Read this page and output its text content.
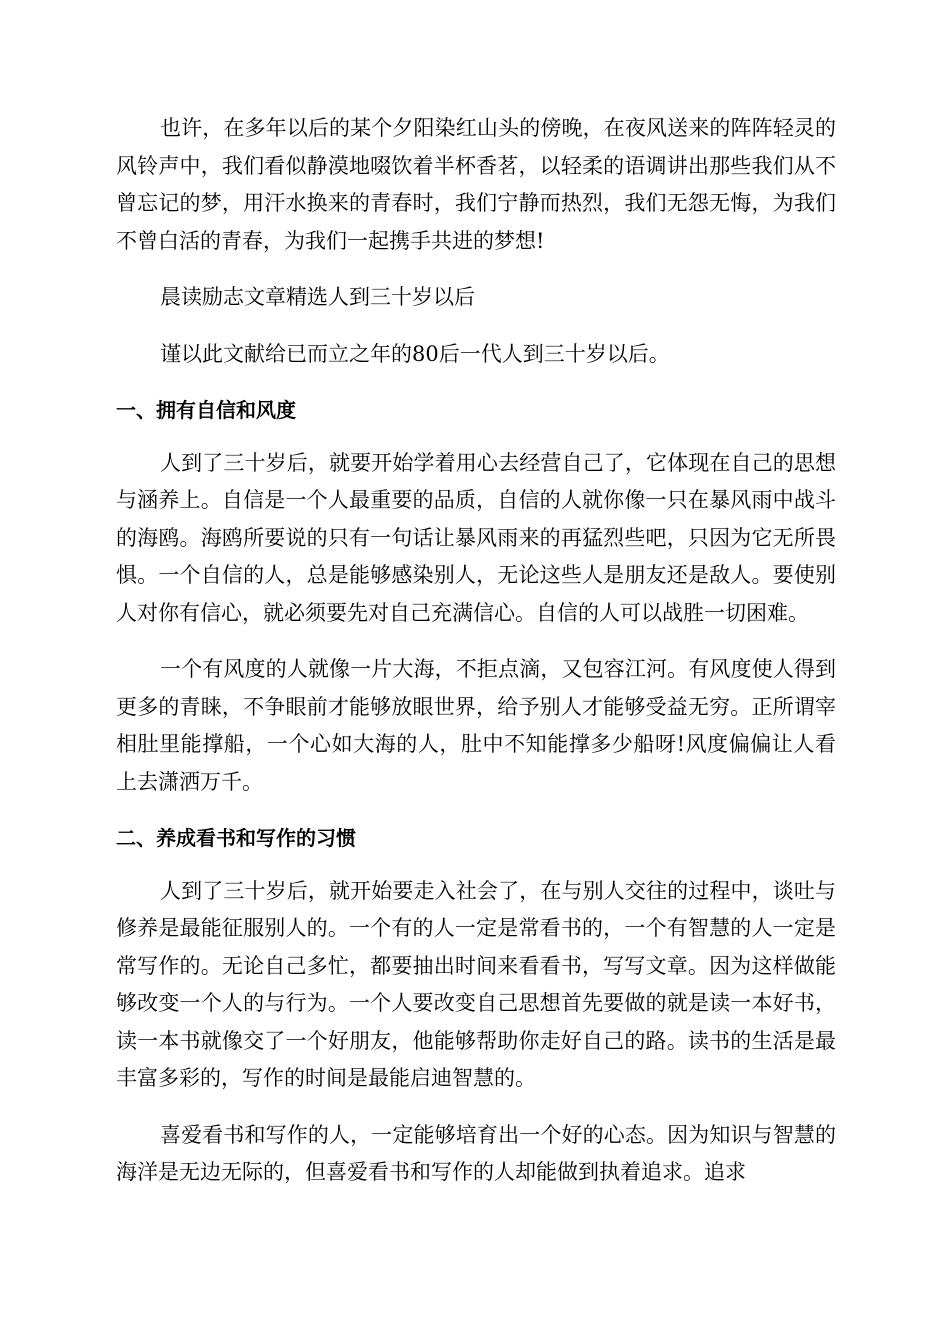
也许，在多年以后的某个夕阳染红山头的傍晚，在夜风送来的阵阵轻灵的风铃声中，我们看似静漠地啜饮着半杯香茗，以轻柔的语调讲出那些我们从不曾忘记的梦，用汗水换来的青春时，我们宁静而热烈，我们无怨无悔，为我们不曾白活的青春，为我们一起携手共进的梦想!

晨读励志文章精选人到三十岁以后

谨以此文献给已而立之年的80后一代人到三十岁以后。

一、拥有自信和风度

人到了三十岁后，就要开始学着用心去经营自己了，它体现在自己的思想与涵养上。自信是一个人最重要的品质，自信的人就你像一只在暴风雨中战斗的海鸥。海鸥所要说的只有一句话让暴风雨来的再猛烈些吧，只因为它无所畏惧。一个自信的人，总是能够感染别人，无论这些人是朋友还是敌人。要使别人对你有信心，就必须要先对自己充满信心。自信的人可以战胜一切困难。

一个有风度的人就像一片大海，不拒点滴，又包容江河。有风度使人得到更多的青睐，不争眼前才能够放眼世界，给予别人才能够受益无穷。正所谓宰相肚里能撑船，一个心如大海的人，肚中不知能撑多少船呀!风度偏偏让人看上去潇洒万千。

二、养成看书和写作的习惯

人到了三十岁后，就开始要走入社会了，在与别人交往的过程中，谈吐与修养是最能征服别人的。一个有的人一定是常看书的，一个有智慧的人一定是常写作的。无论自己多忙，都要抽出时间来看看书，写写文章。因为这样做能够改变一个人的与行为。一个人要改变自己思想首先要做的就是读一本好书，读一本书就像交了一个好朋友，他能够帮助你走好自己的路。读书的生活是最丰富多彩的，写作的时间是最能启迪智慧的。

喜爱看书和写作的人，一定能够培育出一个好的心态。因为知识与智慧的海洋是无边无际的，但喜爱看书和写作的人却能做到执着追求。追求
